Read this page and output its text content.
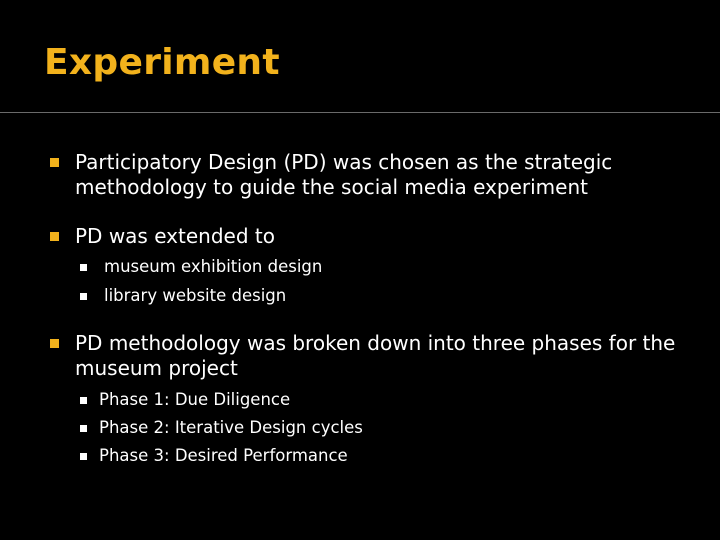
Experiment

Participatory Design (PD) was chosen as the strategic methodology to guide the social media experiment

PD was extended to

museum exhibition design

library website design

PD methodology was broken down into three phases for the museum project

Phase 1: Due Diligence

Phase 2: Iterative Design cycles

Phase 3: Desired Performance
